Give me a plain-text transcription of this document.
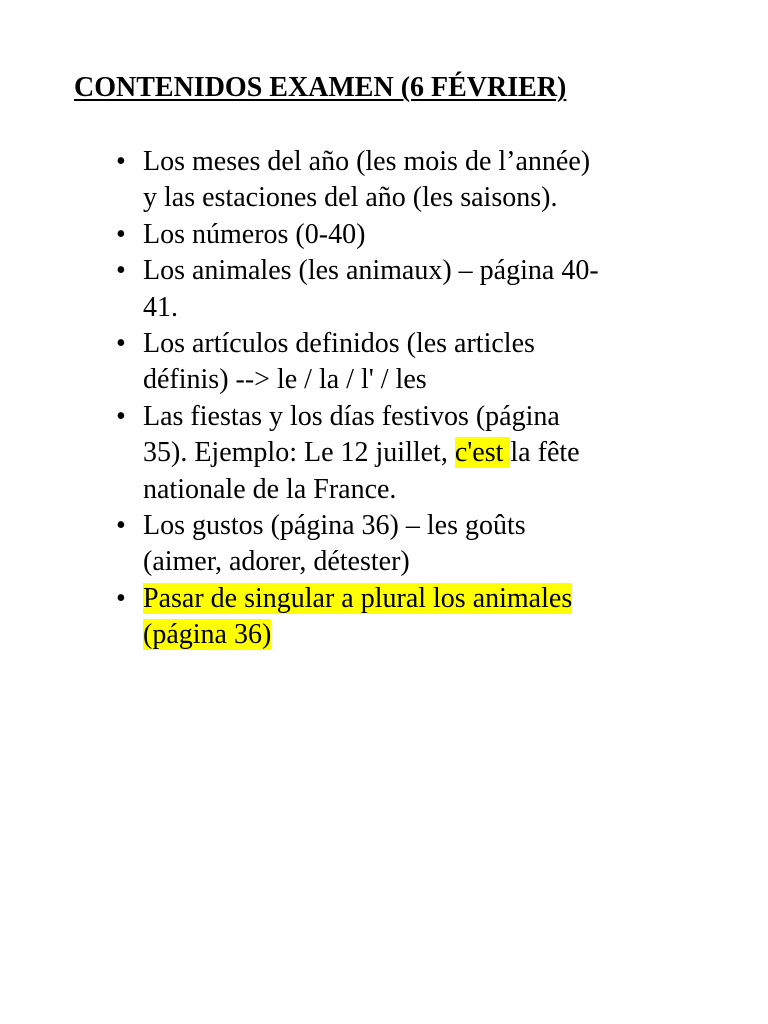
CONTENIDOS EXAMEN (6 FÉVRIER)
• Los meses del año (les mois de l’année)
y las estaciones del año (les saisons).
• Los números (0-40)
• Los animales (les animaux) – página 40-
41.
• Los artículos definidos (les articles
définis) --> le / la / l' / les
• Las fiestas y los días festivos (página
35). Ejemplo: Le 12 juillet, c'est la fête
nationale de la France.
• Los gustos (página 36) – les goûts
(aimer, adorer, détester)
• Pasar de singular a plural los animales
(página 36)
